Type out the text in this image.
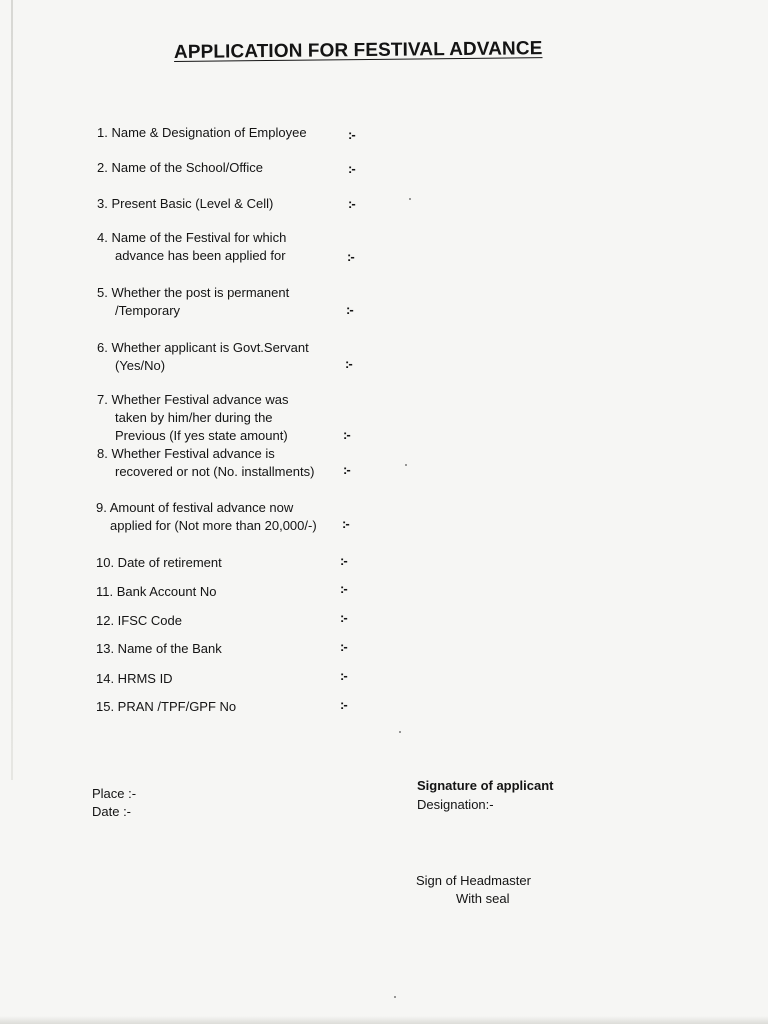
APPLICATION FOR FESTIVAL ADVANCE
1. Name & Designation of Employee	:-
2. Name of the School/Office	:-
3. Present Basic (Level & Cell)	:-
4. Name of the Festival for which
advance has been applied for	:-
5. Whether the post is permanent
/Temporary	:-
6. Whether applicant is Govt.Servant
(Yes/No)	:-
7. Whether Festival advance was
taken by him/her during the
Previous (If yes state amount)	:-
8. Whether Festival advance is
recovered or not (No. installments) :-
9. Amount of festival advance now
applied for (Not more than 20,000/-) :-
10. Date of retirement	:-
11. Bank Account No	:-
12. IFSC Code	:-
13. Name of the Bank	:-
14. HRMS ID	:-
15. PRAN /TPF/GPF No	:-
Place :-
Date :-
Signature of applicant
Designation:-
Sign of Headmaster
With seal
